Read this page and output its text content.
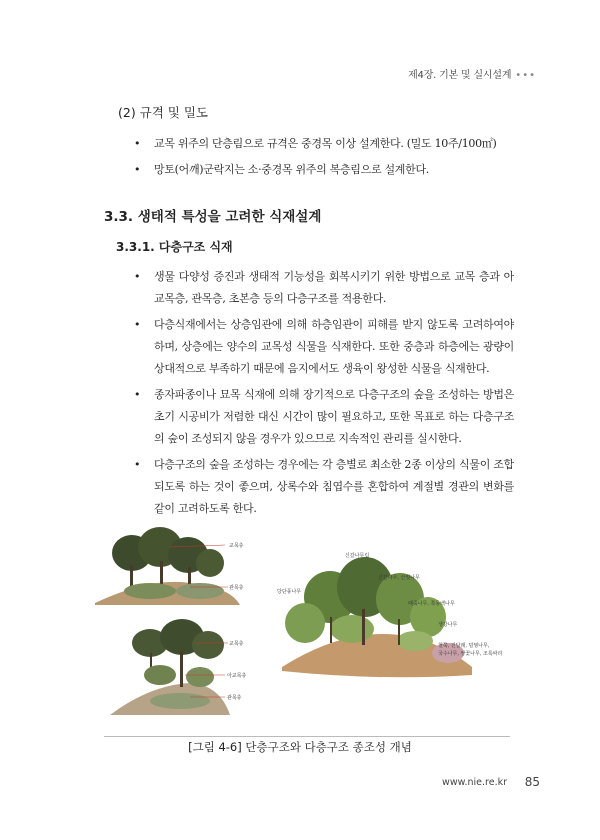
제4장. 기본 및 실시설계 •••
(2) 규격 및 밀도
• 교목 위주의 단층림으로 규격은 중경목 이상 설계한다. (밀도 10주/100㎡)
• 망토(어깨)군락지는 소·중경목 위주의 복층림으로 설계한다.
3.3. 생태적 특성을 고려한 식재설계
3.3.1. 다층구조 식재
• 생물 다양성 증진과 생태적 기능성을 회복시키기 위한 방법으로 교목 층과 아교목층, 관목층, 초본층 등의 다층구조를 적용한다.
• 다층식재에서는 상층임관에 의해 하층임관이 피해를 받지 않도록 고려하여야 하며, 상층에는 양수의 교목성 식물을 식재한다. 또한 중층과 하층에는 광량이 상대적으로 부족하기 때문에 음지에서도 생육이 왕성한 식물을 식재한다.
• 종자파종이나 묘목 식재에 의해 장기적으로 다층구조의 숲을 조성하는 방법은 초기 시공비가 저렴한 대신 시간이 많이 필요하고, 또한 목표로 하는 다층구조의 숲이 조성되지 않을 경우가 있으므로 지속적인 관리를 실시한다.
• 다층구조의 숲을 조성하는 경우에는 각 층별로 최소한 2종 이상의 식물이 조합되도록 하는 것이 좋으며, 상록수와 침엽수를 혼합하여 계절별 경관의 변화를 같이 고려하도록 한다.
교목층
관목층
교목층
아교목층
관목층
신갈나무림
신갈나무, 산벚나무
당단풍나무
때죽나무, 쪽동백나무
생강나무
철쭉, 진달래, 덜꿩나무,
국수나무, 쌍꽃나무, 조록싸리
[그림 4-6] 단층구조와 다층구조 종조성 개념
www.nie.re.kr 85
